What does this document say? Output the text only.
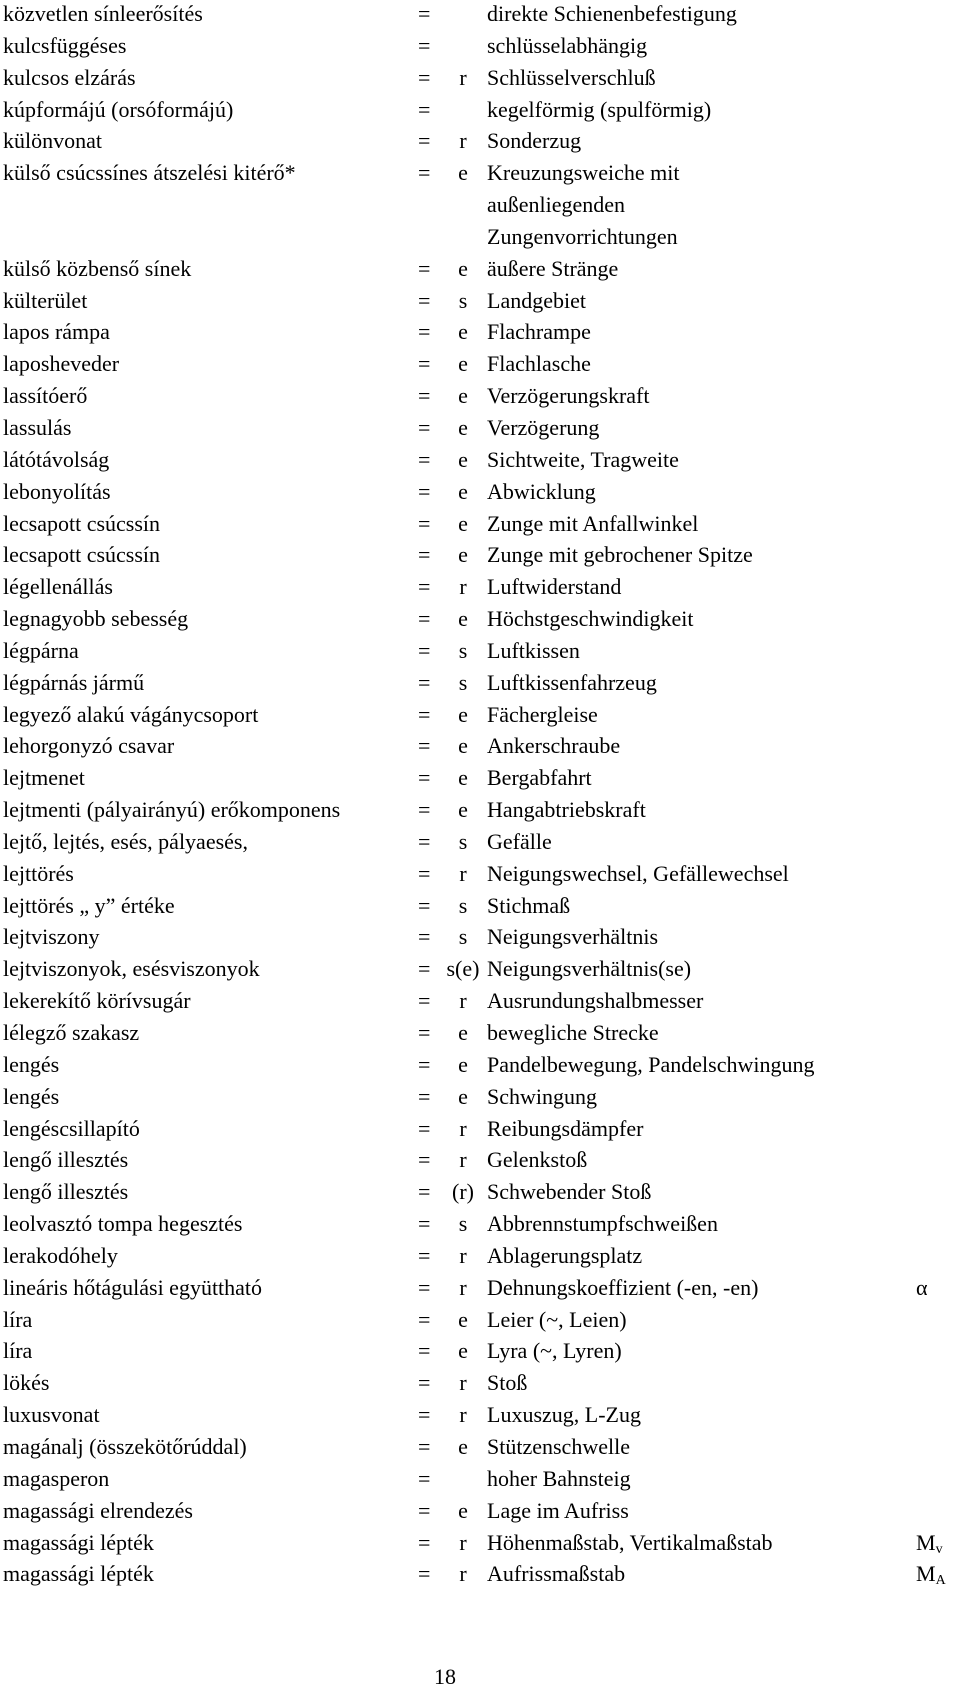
közvetlen sínleerősítés	=	direkte Schienenbefestigung
kulcsfüggéses	=	schlüsselabhängig
kulcsos elzárás	=	r Schlüsselverschluß
kúpformájú (orsóformájú)	=	kegelförmig (spulförmig)
különvonat	=	r Sonderzug
külső csúcssínes átszelési kitérő*	=	e Kreuzungsweiche mit
außenliegenden
Zungenvorrichtungen
külső közbenső sínek	=	e äußere Stränge
külterület	=	s Landgebiet
lapos rámpa	=	e Flachrampe
laposheveder	=	e Flachlasche
lassítóerő	=	e Verzögerungskraft
lassulás	=	e Verzögerung
látótávolság	=	e Sichtweite, Tragweite
lebonyolítás	=	e Abwicklung
lecsapott csúcssín	=	e Zunge mit Anfallwinkel
lecsapott csúcssín	=	e Zunge mit gebrochener Spitze
légellenállás	=	r Luftwiderstand
legnagyobb sebesség	=	e Höchstgeschwindigkeit
légpárna	=	s Luftkissen
légpárnás jármű	=	s Luftkissenfahrzeug
legyező alakú vágánycsoport	=	e Fächergleise
lehorgonyzó csavar	=	e Ankerschraube
lejtmenet	=	e Bergabfahrt
lejtmenti (pályairányú) erőkomponens	=	e Hangabtriebskraft
lejtő, lejtés, esés, pályaesés,	=	s Gefälle
lejttörés	=	r Neigungswechsel, Gefällewechsel
lejttörés „ y” értéke	=	s Stichmaß
lejtviszony	=	s Neigungsverhältnis
lejtviszonyok, esésviszonyok	= s(e) Neigungsverhältnis(se)
lekerekítő körívsugár	=	r Ausrundungshalbmesser
lélegző szakasz	=	e bewegliche Strecke
lengés	=	e Pandelbewegung, Pandelschwingung
lengés	=	e Schwingung
lengéscsillapító	=	r Reibungsdämpfer
lengő illesztés	=	r Gelenkstoß
lengő illesztés	= (r) Schwebender Stoß
leolvasztó tompa hegesztés	=	s Abbrennstumpfschweißen
lerakodóhely	=	r Ablagerungsplatz
lineáris hőtágulási együttható	=	r Dehnungskoeffizient (-en, -en)	α
líra	=	e Leier (~, Leien)
líra	=	e Lyra (~, Lyren)
lökés	=	r Stoß
luxusvonat	=	r Luxuszug, L-Zug
magánalj (összekötőrúddal)	=	e Stützenschwelle
magasperon	=	hoher Bahnsteig
magassági elrendezés	=	e Lage im Aufriss
magassági lépték	=	r Höhenmaßstab, Vertikalmaßstab	$M_v$
magassági lépték	=	r Aufrissmaßstab	$M_A$
18
